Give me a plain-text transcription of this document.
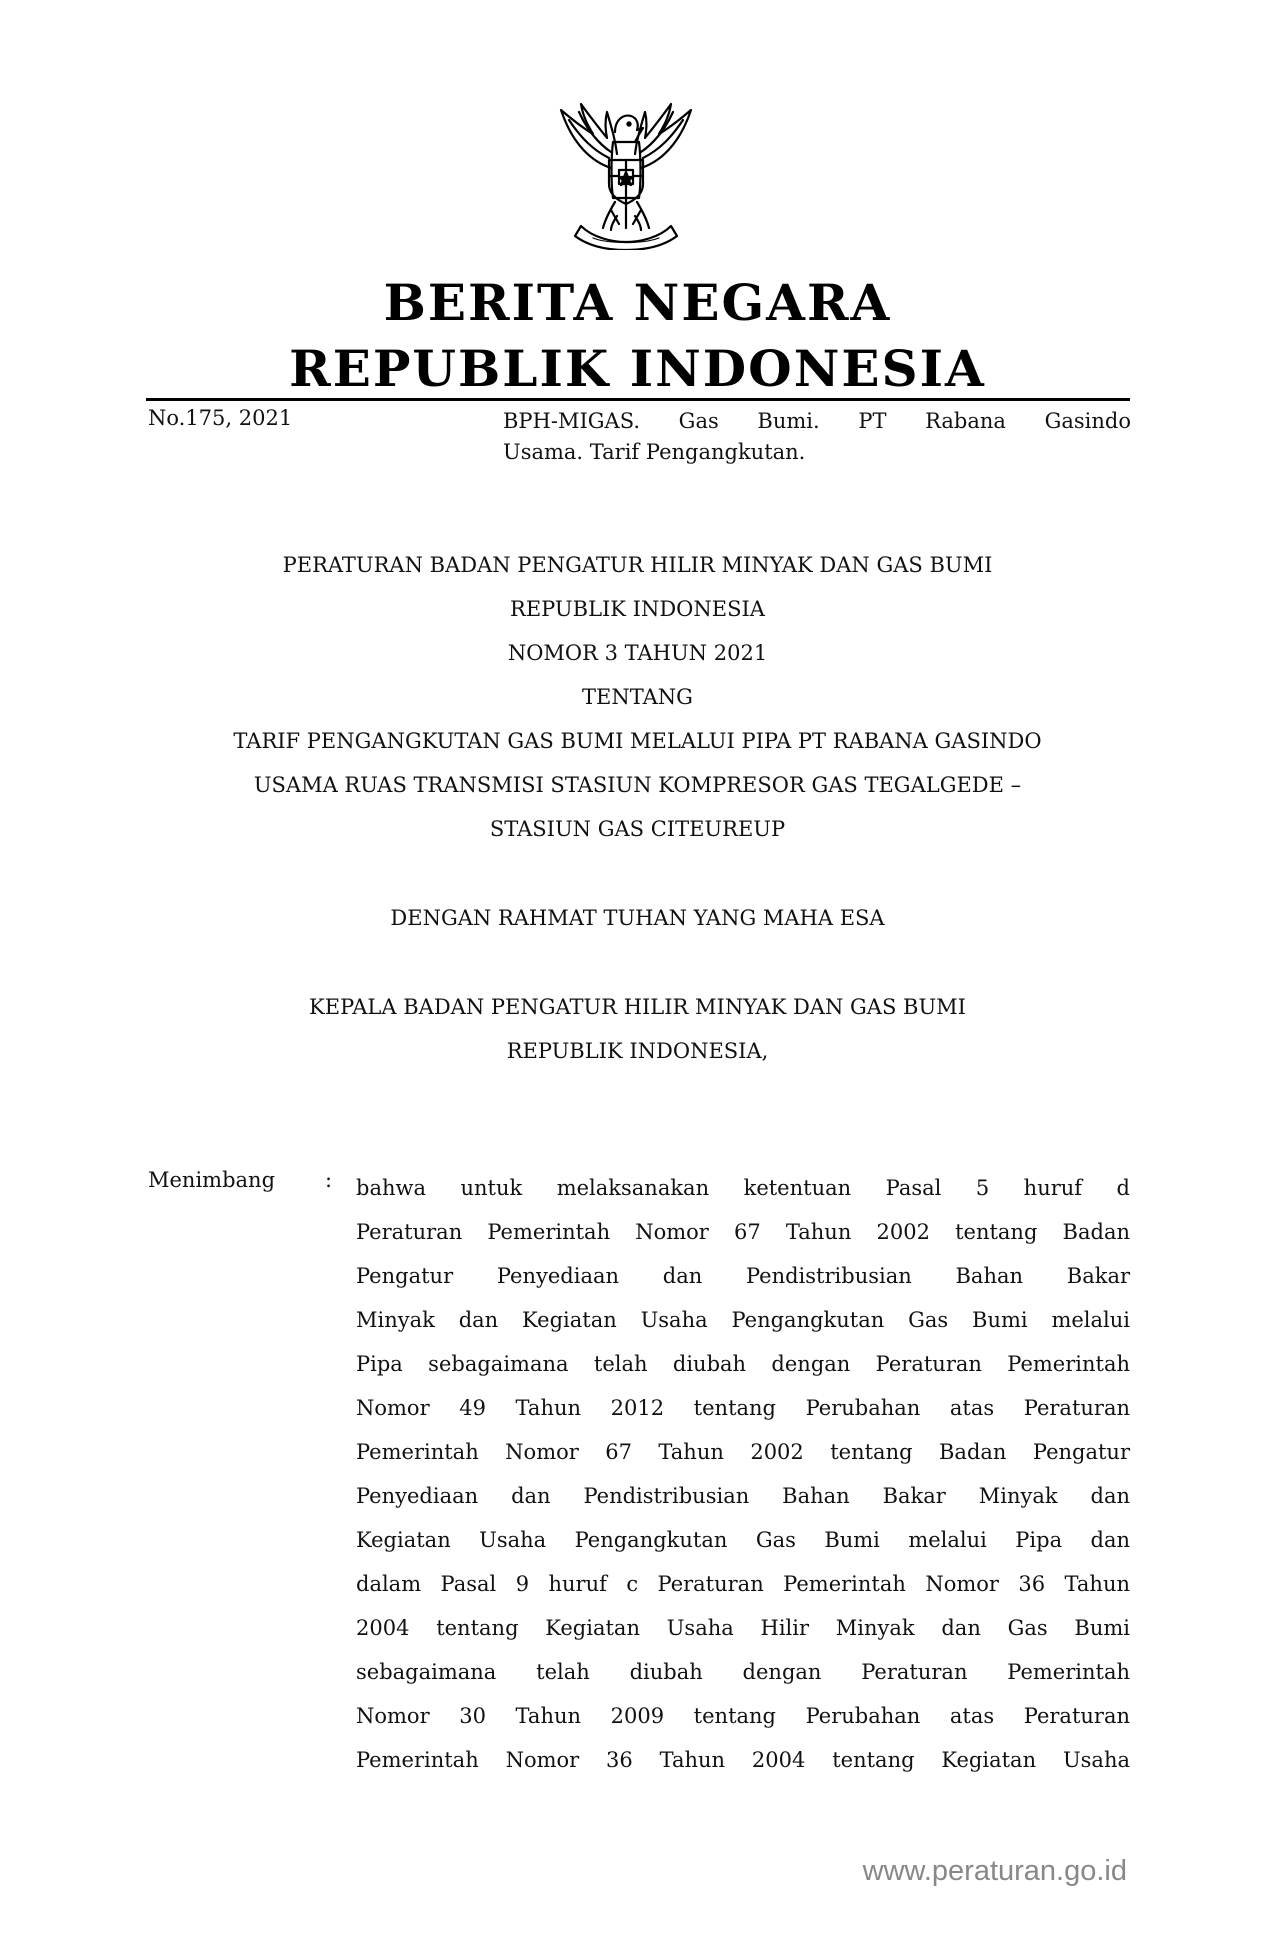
BERITA NEGARA
REPUBLIK INDONESIA
No.175, 2021	BPH-MIGAS. Gas Bumi. PT Rabana Gasindo
Usama. Tarif Pengangkutan.
PERATURAN BADAN PENGATUR HILIR MINYAK DAN GAS BUMI
REPUBLIK INDONESIA
NOMOR 3 TAHUN 2021
TENTANG
TARIF PENGANGKUTAN GAS BUMI MELALUI PIPA PT RABANA GASINDO
USAMA RUAS TRANSMISI STASIUN KOMPRESOR GAS TEGALGEDE –
STASIUN GAS CITEUREUP
DENGAN RAHMAT TUHAN YANG MAHA ESA
KEPALA BADAN PENGATUR HILIR MINYAK DAN GAS BUMI
REPUBLIK INDONESIA,
Menimbang : bahwa untuk melaksanakan ketentuan Pasal 5 huruf d
Peraturan Pemerintah Nomor 67 Tahun 2002 tentang Badan
Pengatur Penyediaan dan Pendistribusian Bahan Bakar
Minyak dan Kegiatan Usaha Pengangkutan Gas Bumi melalui
Pipa sebagaimana telah diubah dengan Peraturan Pemerintah
Nomor 49 Tahun 2012 tentang Perubahan atas Peraturan
Pemerintah Nomor 67 Tahun 2002 tentang Badan Pengatur
Penyediaan dan Pendistribusian Bahan Bakar Minyak dan
Kegiatan Usaha Pengangkutan Gas Bumi melalui Pipa dan
dalam Pasal 9 huruf c Peraturan Pemerintah Nomor 36 Tahun
2004 tentang Kegiatan Usaha Hilir Minyak dan Gas Bumi
sebagaimana telah diubah dengan Peraturan Pemerintah
Nomor 30 Tahun 2009 tentang Perubahan atas Peraturan
Pemerintah Nomor 36 Tahun 2004 tentang Kegiatan Usaha
www.peraturan.go.id
